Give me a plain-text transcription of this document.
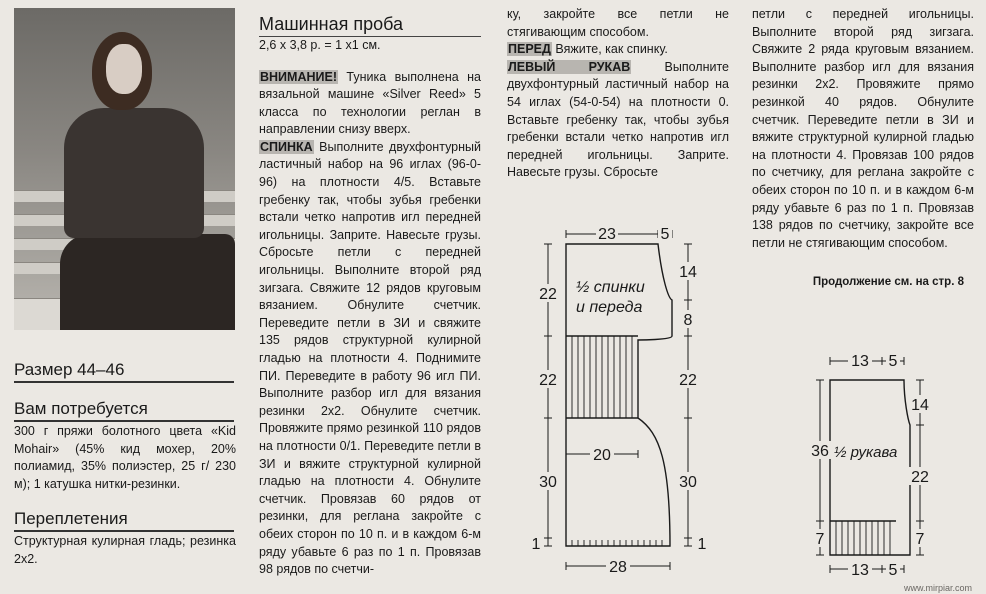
Размер 44–46
Вам потребуется
300 г пряжи болотного цвета «Kid Mohair» (45% кид мохер, 20% полиамид, 35% полиэстер, 25 г/ 230 м); 1 катушка нитки-резинки.
Переплетения
Структурная кулирная гладь; резинка 2х2.
Машинная проба
2,6 х 3,8 р. = 1 х1 см.
ВНИМАНИЕ! Туника выполнена на вязальной машине «Silver Reed» 5 класса по технологии реглан в направлении снизу вверх.
СПИНКА Выполните двухфонтурный ластичный набор на 96 иглах (96-0-96) на плотности 4/5. Вставьте гребенку так, чтобы зубья гребенки встали четко напротив игл передней игольницы. Заприте. Навесьте грузы. Сбросьте петли с передней игольницы. Выполните второй ряд зигзага. Свяжите 12 рядов круговым вязанием. Обнулите счетчик. Переведите петли в ЗИ и свяжите 135 рядов структурной кулирной гладью на плотности 4. Поднимите ПИ. Переведите в работу 96 игл ПИ. Выполните разбор игл для вязания резинки 2х2. Обнулите счетчик. Провяжите прямо резинкой 110 рядов на плотности 0/1. Переведите петли в ЗИ и вяжите структурной кулирной гладью на плотности 4. Обнулите счетчик. Провязав 60 рядов от резинки, для реглана закройте с обеих сторон по 10 п. и в каждом 6-м ряду убавьте 6 раз по 1 п. Провязав 98 рядов по счетчи-
ку, закройте все петли не стягивающим способом.
ПЕРЕД Вяжите, как спинку.
ЛЕВЫЙ РУКАВ Выполните двухфонтурный ластичный набор на 54 иглах (54-0-54) на плотности 0. Вставьте гребенку так, чтобы зубья гребенки встали четко напротив игл передней игольницы. Заприте. Навесьте грузы. Сбросьте
петли с передней игольницы. Выполните второй ряд зигзага. Свяжите 2 ряда круговым вязанием. Выполните разбор игл для вязания резинки 2х2. Провяжите прямо резинкой 40 рядов. Обнулите счетчик. Переведите петли в ЗИ и вяжите структурной кулирной гладью на плотности 4. Провязав 100 рядов по счетчику, для реглана закройте с обеих сторон по 10 п. и в каждом 6-м ряду убавьте 6 раз по 1 п. Провязав 138 рядов по счетчику, закройте все петли не стягивающим способом.
Продолжение см. на стр. 8
23	5
22
22
30
1
14
8
22
30
1
20
28
½ спинки
и переда
13 5
36
7
14
22
7
13 5
½ рукава
www.mirpiar.com
